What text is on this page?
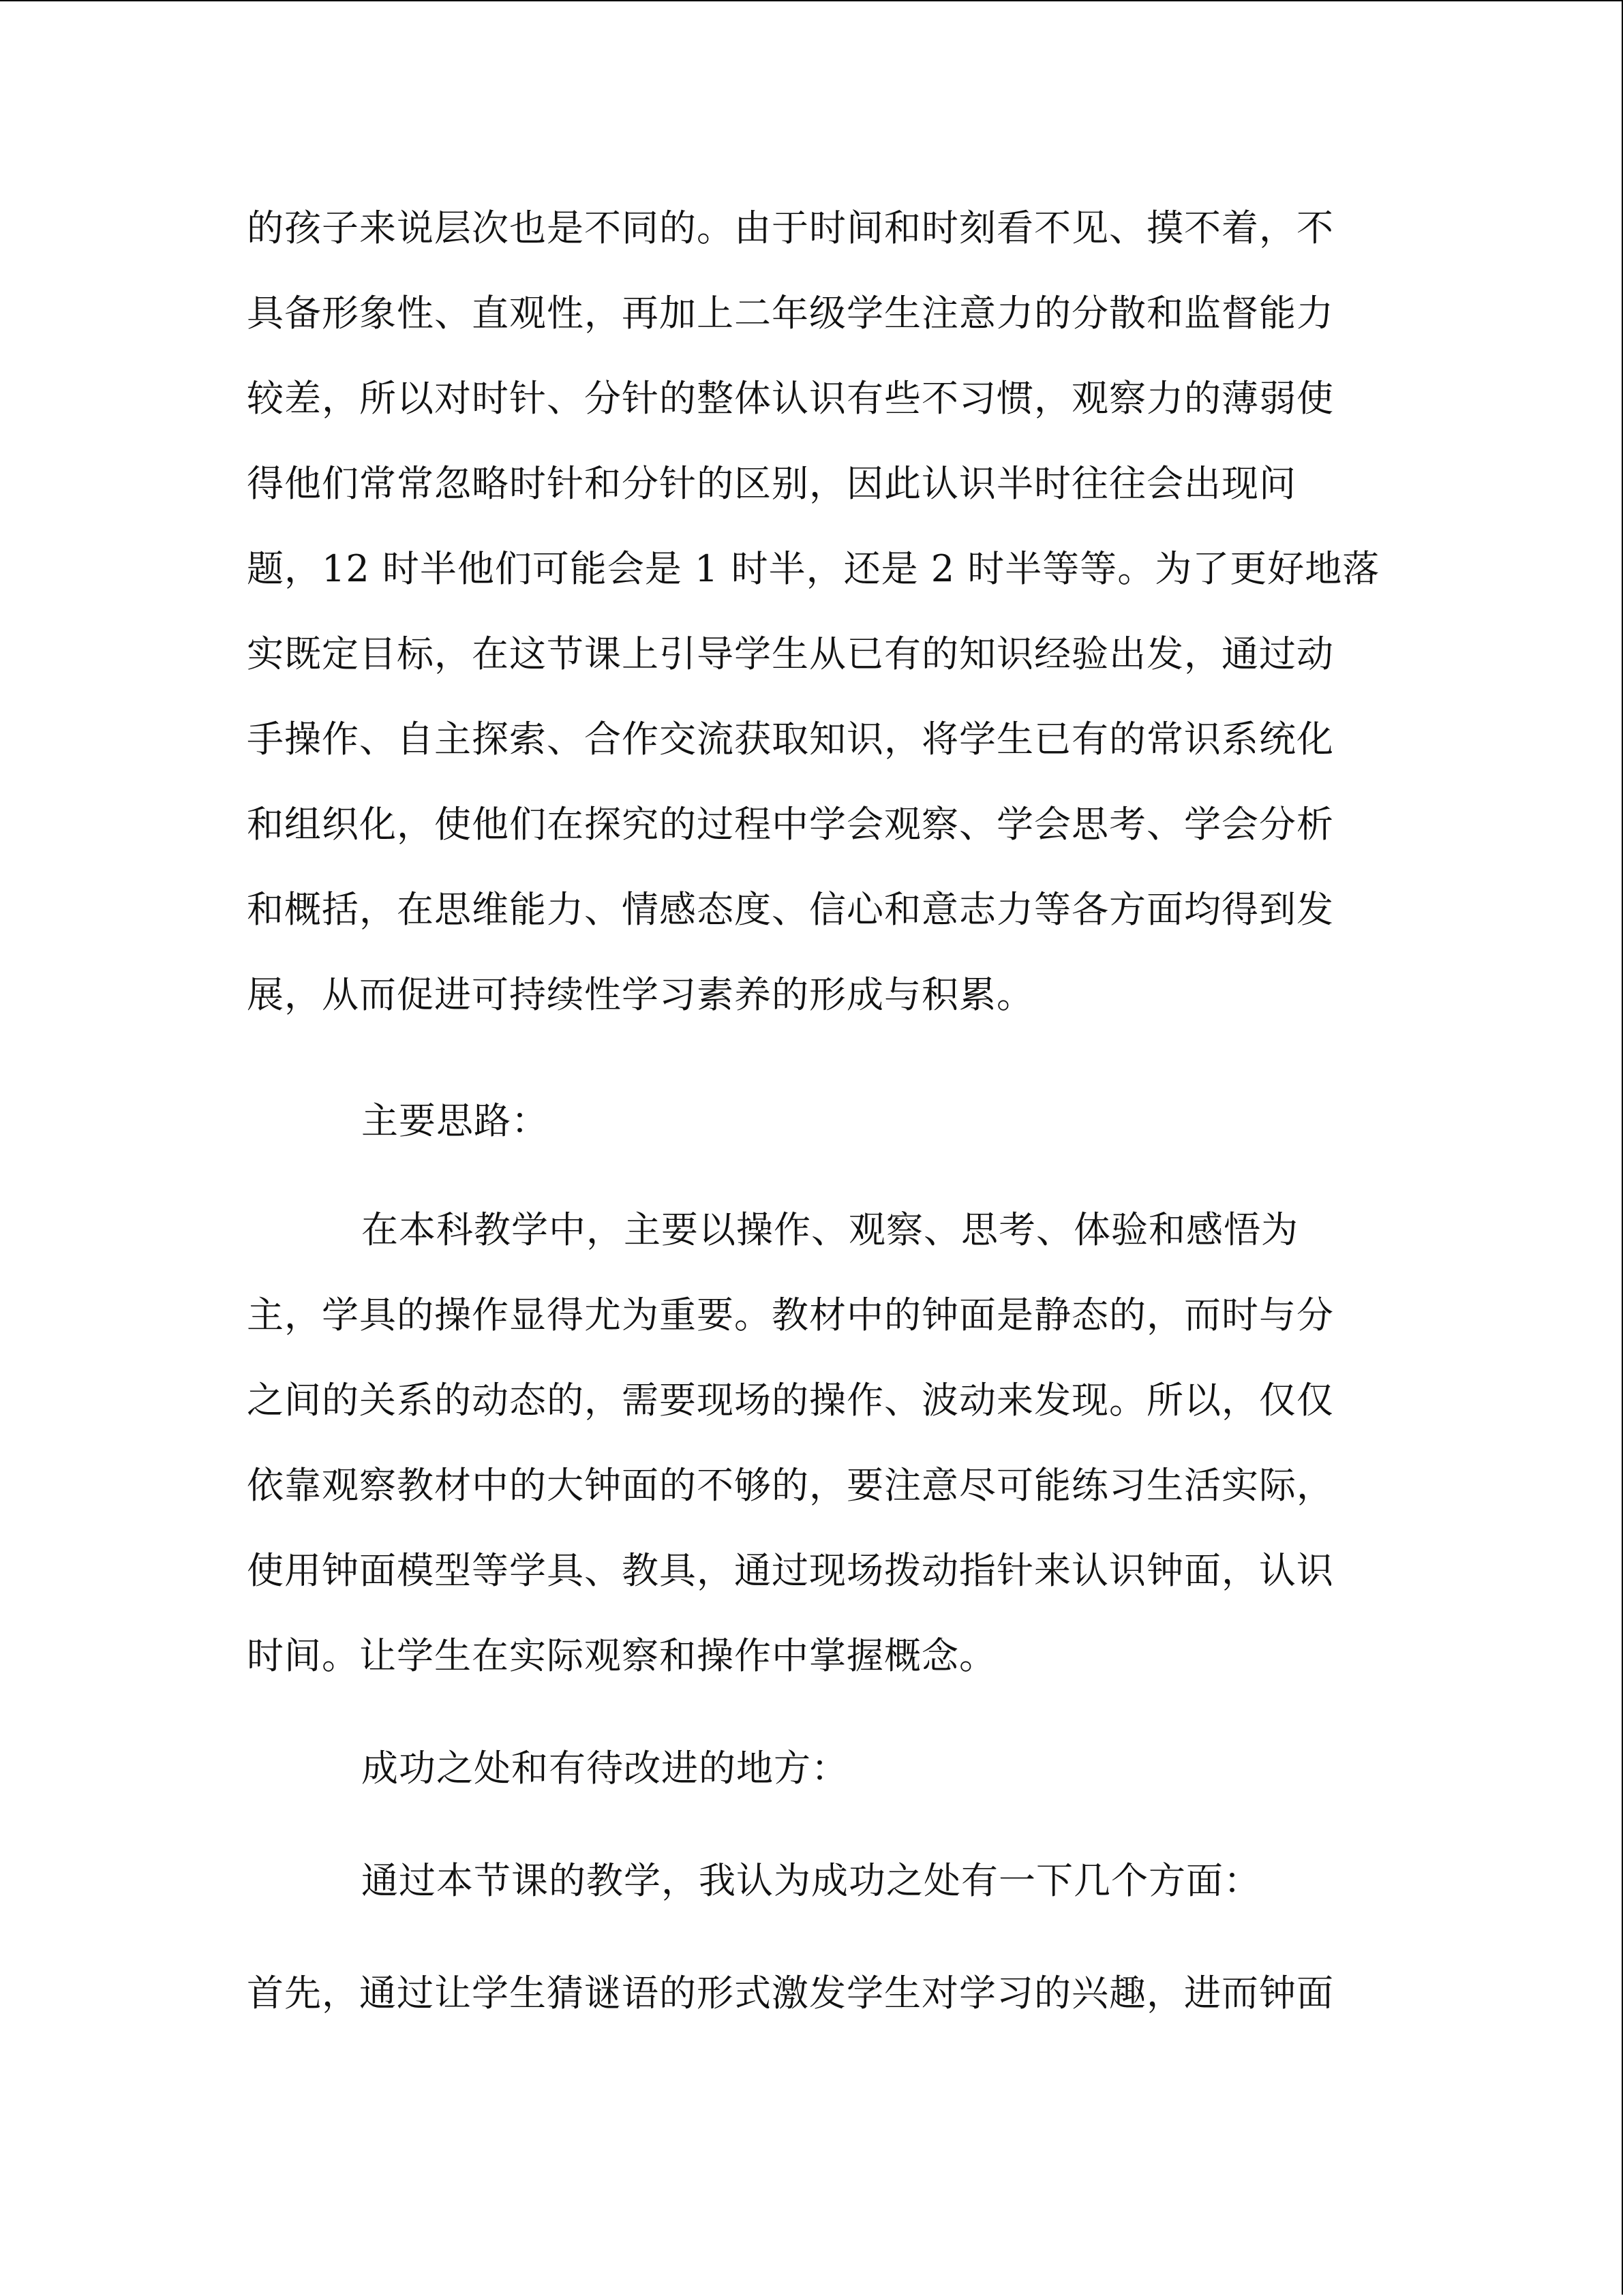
的孩子来说层次也是不同的。由于时间和时刻看不见、摸不着，不
具备形象性、直观性，再加上二年级学生注意力的分散和监督能力
较差，所以对时针、分针的整体认识有些不习惯，观察力的薄弱使
得他们常常忽略时针和分针的区别，因此认识半时往往会出现问
题，12 时半他们可能会是 1 时半，还是 2 时半等等。为了更好地落
实既定目标，在这节课上引导学生从已有的知识经验出发，通过动
手操作、自主探索、合作交流获取知识，将学生已有的常识系统化
和组织化，使他们在探究的过程中学会观察、学会思考、学会分析
和概括，在思维能力、情感态度、信心和意志力等各方面均得到发
展，从而促进可持续性学习素养的形成与积累。
主要思路：
在本科教学中，主要以操作、观察、思考、体验和感悟为
主，学具的操作显得尤为重要。教材中的钟面是静态的，而时与分
之间的关系的动态的，需要现场的操作、波动来发现。所以，仅仅
依靠观察教材中的大钟面的不够的，要注意尽可能练习生活实际，
使用钟面模型等学具、教具，通过现场拨动指针来认识钟面，认识
时间。让学生在实际观察和操作中掌握概念。
成功之处和有待改进的地方：
通过本节课的教学，我认为成功之处有一下几个方面：
首先，通过让学生猜谜语的形式激发学生对学习的兴趣，进而钟面
